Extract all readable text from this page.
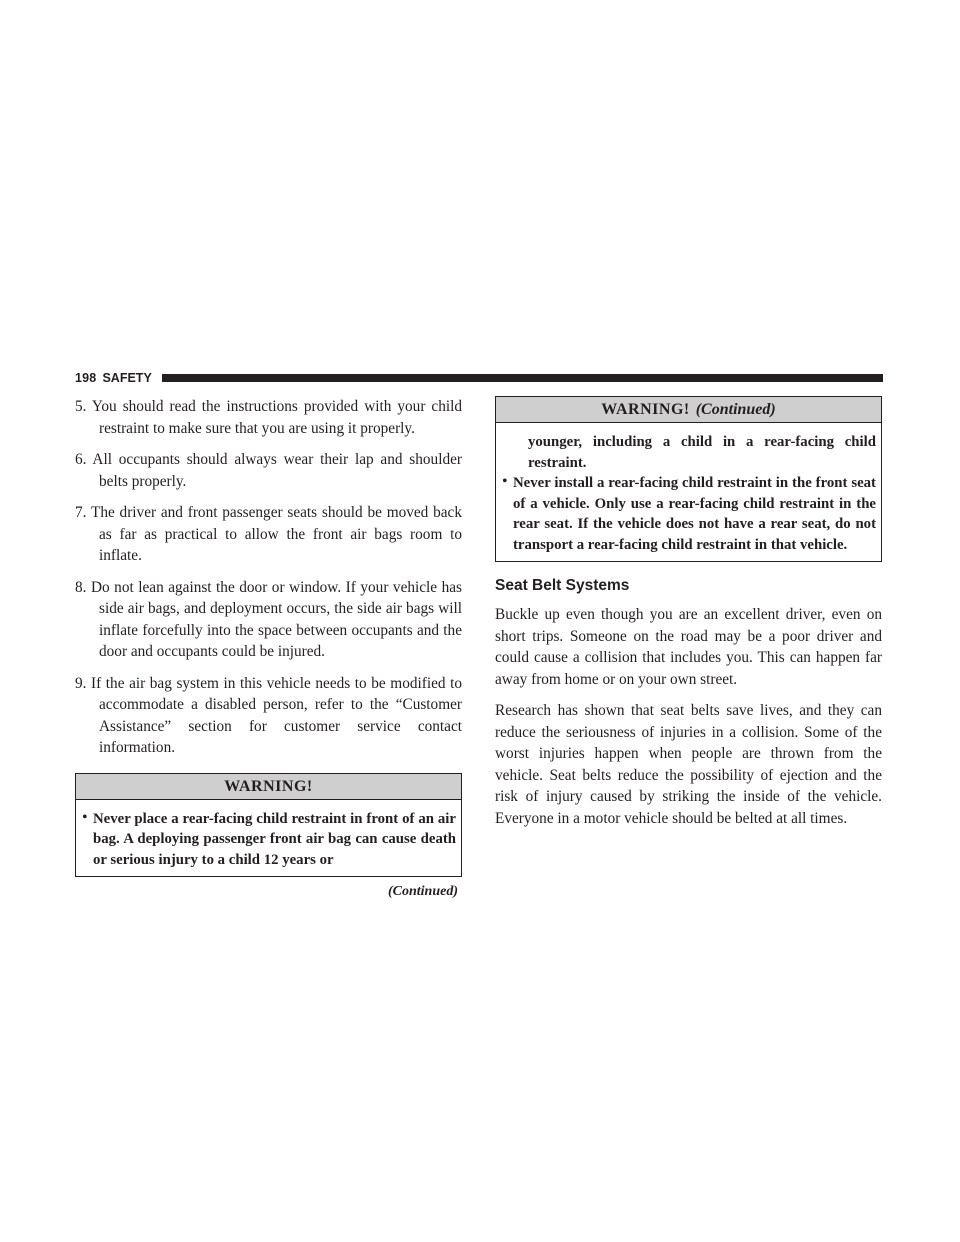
198 SAFETY
5. You should read the instructions provided with your child restraint to make sure that you are using it properly.
6. All occupants should always wear their lap and shoulder belts properly.
7. The driver and front passenger seats should be moved back as far as practical to allow the front air bags room to inflate.
8. Do not lean against the door or window. If your vehicle has side air bags, and deployment occurs, the side air bags will inflate forcefully into the space between occupants and the door and occupants could be injured.
9. If the air bag system in this vehicle needs to be modified to accommodate a disabled person, refer to the “Customer Assistance” section for customer service contact information.
WARNING!
• Never place a rear-facing child restraint in front of an air bag. A deploying passenger front air bag can cause death or serious injury to a child 12 years or
(Continued)
WARNING! (Continued)

younger, including a child in a rear-facing child restraint.

• Never install a rear-facing child restraint in the front seat of a vehicle. Only use a rear-facing child restraint in the rear seat. If the vehicle does not have a rear seat, do not transport a rear-facing child restraint in that vehicle.
Seat Belt Systems

Buckle up even though you are an excellent driver, even on short trips. Someone on the road may be a poor driver and could cause a collision that includes you. This can happen far away from home or on your own street.

Research has shown that seat belts save lives, and they can reduce the seriousness of injuries in a collision. Some of the worst injuries happen when people are thrown from the vehicle. Seat belts reduce the possibility of ejection and the risk of injury caused by striking the inside of the vehicle. Everyone in a motor vehicle should be belted at all times.
